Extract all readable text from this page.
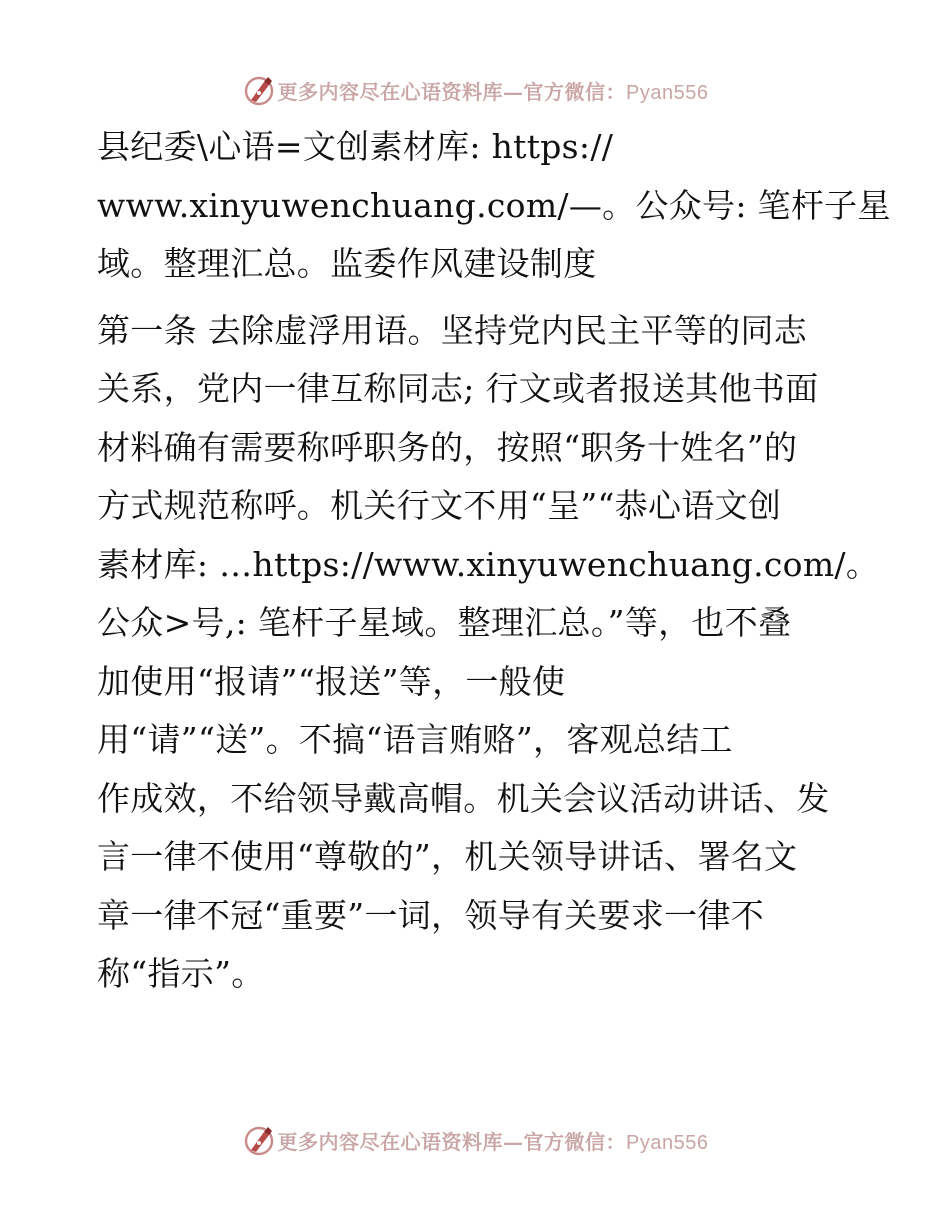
更多内容尽在心语资料库—官方微信：Pyan556
县纪委\心语=文创素材库: https://
www.xinyuwenchuang.com/—。公众号: 笔杆子星
域。整理汇总。监委作风建设制度
第一条 去除虚浮用语。坚持党内民主平等的同志
关系，党内一律互称同志; 行文或者报送其他书面
材料确有需要称呼职务的，按照“职务十姓名”的
方式规范称呼。机关行文不用“呈”“恭心语文创
素材库: …https://www.xinyuwenchuang.com/。
公众>号,: 笔杆子星域。整理汇总。”等，也不叠
加使用“报请”“报送”等，一般使
用“请”“送”。不搞“语言贿赂”，客观总结工
作成效，不给领导戴高帽。机关会议活动讲话、发
言一律不使用“尊敬的”，机关领导讲话、署名文
章一律不冠“重要”一词，领导有关要求一律不
称“指示”。
更多内容尽在心语资料库—官方微信：Pyan556
